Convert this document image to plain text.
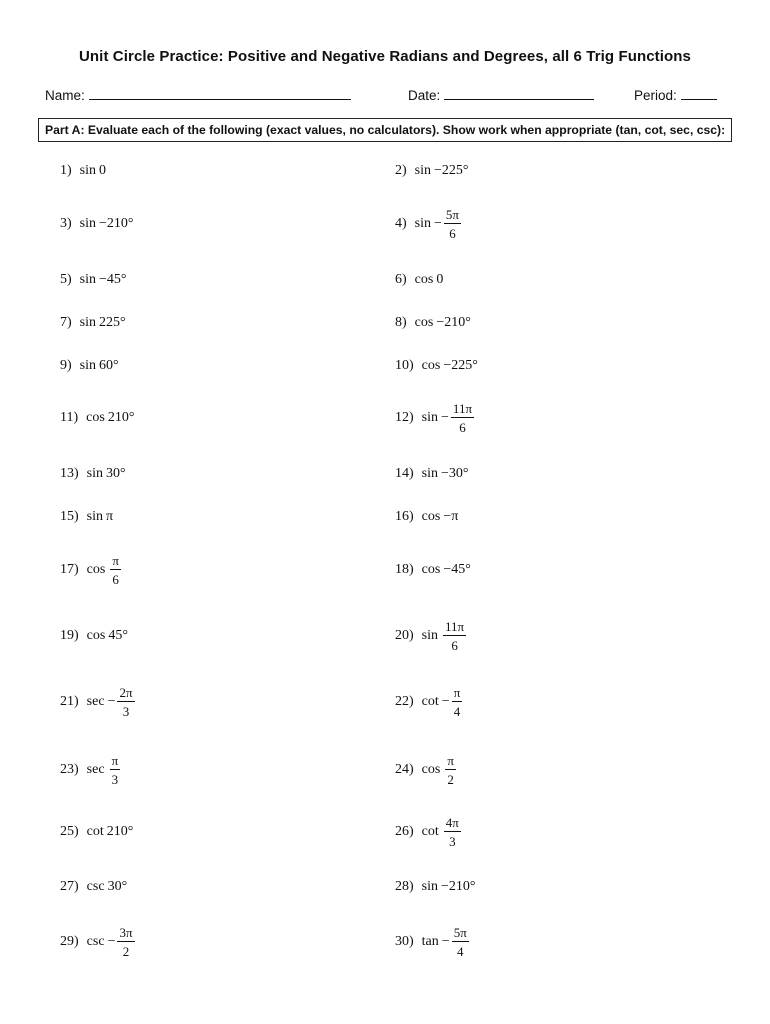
Unit Circle Practice: Positive and Negative Radians and Degrees, all 6 Trig Functions
Name:	Date:	Period:
Part A: Evaluate each of the following (exact values, no calculators). Show work when appropriate (tan, cot, sec, csc):
1) sin 0	2) sin −225°
3) sin −210°	4) $\sin - \frac{5\pi}{6}$
5) sin −45°	6) cos 0
7) sin 225°	8) cos −210°
9) sin 60°	10) cos −225°
11) cos 210°	12) $\sin - \frac{11\pi}{6}$
13) sin 30°	14) sin −30°
15) sin π	16) cos −π
17) $\cos \frac{\pi}{6}$	18) cos −45°
19) cos 45°	20) $\sin \frac{11\pi}{6}$
21) $\sec - \frac{2\pi}{3}$	22) $\cot - \frac{\pi}{4}$
23) $\sec \frac{\pi}{3}$	24) $\cos \frac{\pi}{2}$
25) cot 210°	26) $\cot \frac{4\pi}{3}$
27) csc 30°	28) sin −210°
29) $\csc - \frac{3\pi}{2}$	30) $\tan - \frac{5\pi}{4}$
